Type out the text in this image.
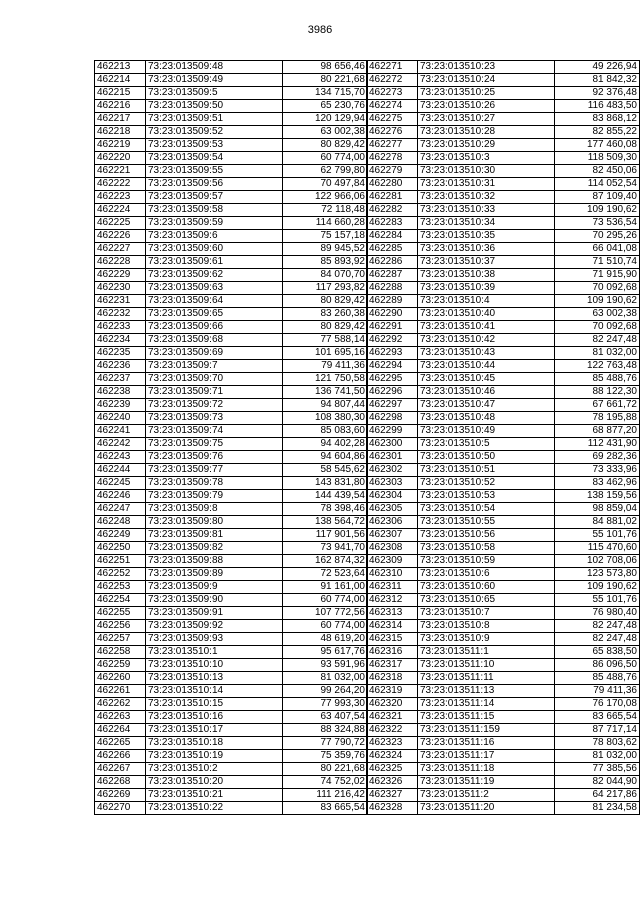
3986
462213	73:23:013509:48	98 656,46
462214	73:23:013509:49	80 221,68
462215	73:23:013509:5	134 715,70
462216	73:23:013509:50	65 230,76
462217	73:23:013509:51	120 129,94
462218	73:23:013509:52	63 002,38
462219	73:23:013509:53	80 829,42
462220	73:23:013509:54	60 774,00
462221	73:23:013509:55	62 799,80
462222	73:23:013509:56	70 497,84
462223	73:23:013509:57	122 966,06
462224	73:23:013509:58	72 118,48
462225	73:23:013509:59	114 660,28
462226	73:23:013509:6	75 157,18
462227	73:23:013509:60	89 945,52
462228	73:23:013509:61	85 893,92
462229	73:23:013509:62	84 070,70
462230	73:23:013509:63	117 293,82
462231	73:23:013509:64	80 829,42
462232	73:23:013509:65	83 260,38
462233	73:23:013509:66	80 829,42
462234	73:23:013509:68	77 588,14
462235	73:23:013509:69	101 695,16
462236	73:23:013509:7	79 411,36
462237	73:23:013509:70	121 750,58
462238	73:23:013509:71	136 741,50
462239	73:23:013509:72	94 807,44
462240	73:23:013509:73	108 380,30
462241	73:23:013509:74	85 083,60
462242	73:23:013509:75	94 402,28
462243	73:23:013509:76	94 604,86
462244	73:23:013509:77	58 545,62
462245	73:23:013509:78	143 831,80
462246	73:23:013509:79	144 439,54
462247	73:23:013509:8	78 398,46
462248	73:23:013509:80	138 564,72
462249	73:23:013509:81	117 901,56
462250	73:23:013509:82	73 941,70
462251	73:23:013509:88	162 874,32
462252	73:23:013509:89	72 523,64
462253	73:23:013509:9	91 161,00
462254	73:23:013509:90	60 774,00
462255	73:23:013509:91	107 772,56
462256	73:23:013509:92	60 774,00
462257	73:23:013509:93	48 619,20
462258	73:23:013510:1	95 617,76
462259	73:23:013510:10	93 591,96
462260	73:23:013510:13	81 032,00
462261	73:23:013510:14	99 264,20
462262	73:23:013510:15	77 993,30
462263	73:23:013510:16	63 407,54
462264	73:23:013510:17	88 324,88
462265	73:23:013510:18	77 790,72
462266	73:23:013510:19	75 359,76
462267	73:23:013510:2	80 221,68
462268	73:23:013510:20	74 752,02
462269	73:23:013510:21	111 216,42
462270	73:23:013510:22	83 665,54
462271	73:23:013510:23	49 226,94
462272	73:23:013510:24	81 842,32
462273	73:23:013510:25	92 376,48
462274	73:23:013510:26	116 483,50
462275	73:23:013510:27	83 868,12
462276	73:23:013510:28	82 855,22
462277	73:23:013510:29	177 460,08
462278	73:23:013510:3	118 509,30
462279	73:23:013510:30	82 450,06
462280	73:23:013510:31	114 052,54
462281	73:23:013510:32	87 109,40
462282	73:23:013510:33	109 190,62
462283	73:23:013510:34	73 536,54
462284	73:23:013510:35	70 295,26
462285	73:23:013510:36	66 041,08
462286	73:23:013510:37	71 510,74
462287	73:23:013510:38	71 915,90
462288	73:23:013510:39	70 092,68
462289	73:23:013510:4	109 190,62
462290	73:23:013510:40	63 002,38
462291	73:23:013510:41	70 092,68
462292	73:23:013510:42	82 247,48
462293	73:23:013510:43	81 032,00
462294	73:23:013510:44	122 763,48
462295	73:23:013510:45	85 488,76
462296	73:23:013510:46	88 122,30
462297	73:23:013510:47	67 661,72
462298	73:23:013510:48	78 195,88
462299	73:23:013510:49	68 877,20
462300	73:23:013510:5	112 431,90
462301	73:23:013510:50	69 282,36
462302	73:23:013510:51	73 333,96
462303	73:23:013510:52	83 462,96
462304	73:23:013510:53	138 159,56
462305	73:23:013510:54	98 859,04
462306	73:23:013510:55	84 881,02
462307	73:23:013510:56	55 101,76
462308	73:23:013510:58	115 470,60
462309	73:23:013510:59	102 708,06
462310	73:23:013510:6	123 573,80
462311	73:23:013510:60	109 190,62
462312	73:23:013510:65	55 101,76
462313	73:23:013510:7	76 980,40
462314	73:23:013510:8	82 247,48
462315	73:23:013510:9	82 247,48
462316	73:23:013511:1	65 838,50
462317	73:23:013511:10	86 096,50
462318	73:23:013511:11	85 488,76
462319	73:23:013511:13	79 411,36
462320	73:23:013511:14	76 170,08
462321	73:23:013511:15	83 665,54
462322	73:23:013511:159	87 717,14
462323	73:23:013511:16	78 803,62
462324	73:23:013511:17	81 032,00
462325	73:23:013511:18	77 385,56
462326	73:23:013511:19	82 044,90
462327	73:23:013511:2	64 217,86
462328	73:23:013511:20	81 234,58
